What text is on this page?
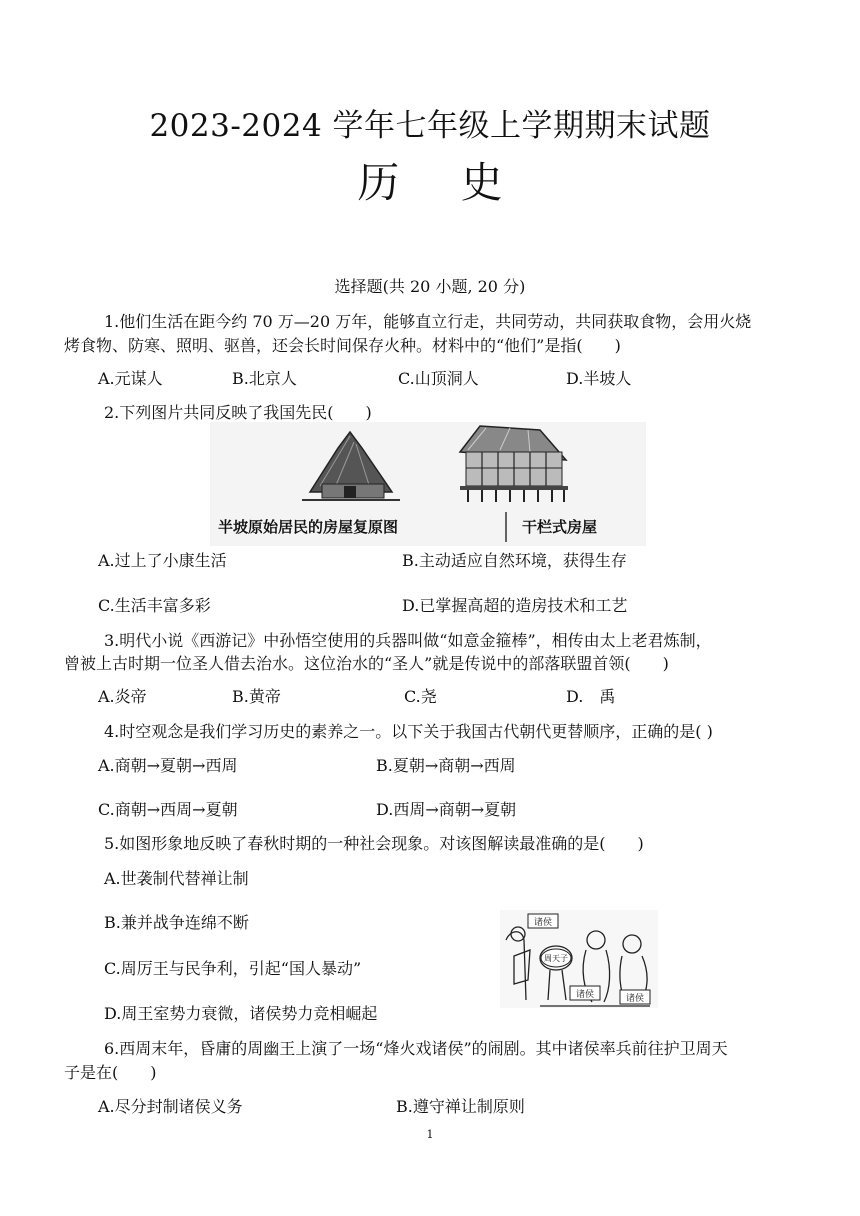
2023-2024 学年七年级上学期期末试题
历 史
选择题(共 20 小题, 20 分)
1.他们生活在距今约 70 万—20 万年，能够直立行走，共同劳动，共同获取食物，会用火烧
烤食物、防寒、照明、驱兽，还会长时间保存火种。材料中的“他们”是指(　　)
A.元谋人	B.北京人	C.山顶洞人	D.半坡人
2.下列图片共同反映了我国先民(　　)
半坡原始居民的房屋复原图	干栏式房屋
A.过上了小康生活	B.主动适应自然环境，获得生存
C.生活丰富多彩	D.已掌握高超的造房技术和工艺
3.明代小说《西游记》中孙悟空使用的兵器叫做“如意金箍棒”，相传由太上老君炼制，
曾被上古时期一位圣人借去治水。这位治水的“圣人”就是传说中的部落联盟首领(　　)
A.炎帝	B.黄帝	C.尧	D.　禹
4.时空观念是我们学习历史的素养之一。以下关于我国古代朝代更替顺序，正确的是( )
A.商朝→夏朝→西周	B.夏朝→商朝→西周
C.商朝→西周→夏朝	D.西周→商朝→夏朝
5.如图形象地反映了春秋时期的一种社会现象。对该图解读最准确的是(　　)
A.世袭制代替禅让制
B.兼并战争连绵不断
C.周厉王与民争利，引起“国人暴动”
D.周王室势力衰微，诸侯势力竞相崛起
诸侯
周天子
诸侯	诸侯
6.西周末年，昏庸的周幽王上演了一场“烽火戏诸侯”的闹剧。其中诸侯率兵前往护卫周天
子是在(　　)
A.尽分封制诸侯义务	B.遵守禅让制原则
1
